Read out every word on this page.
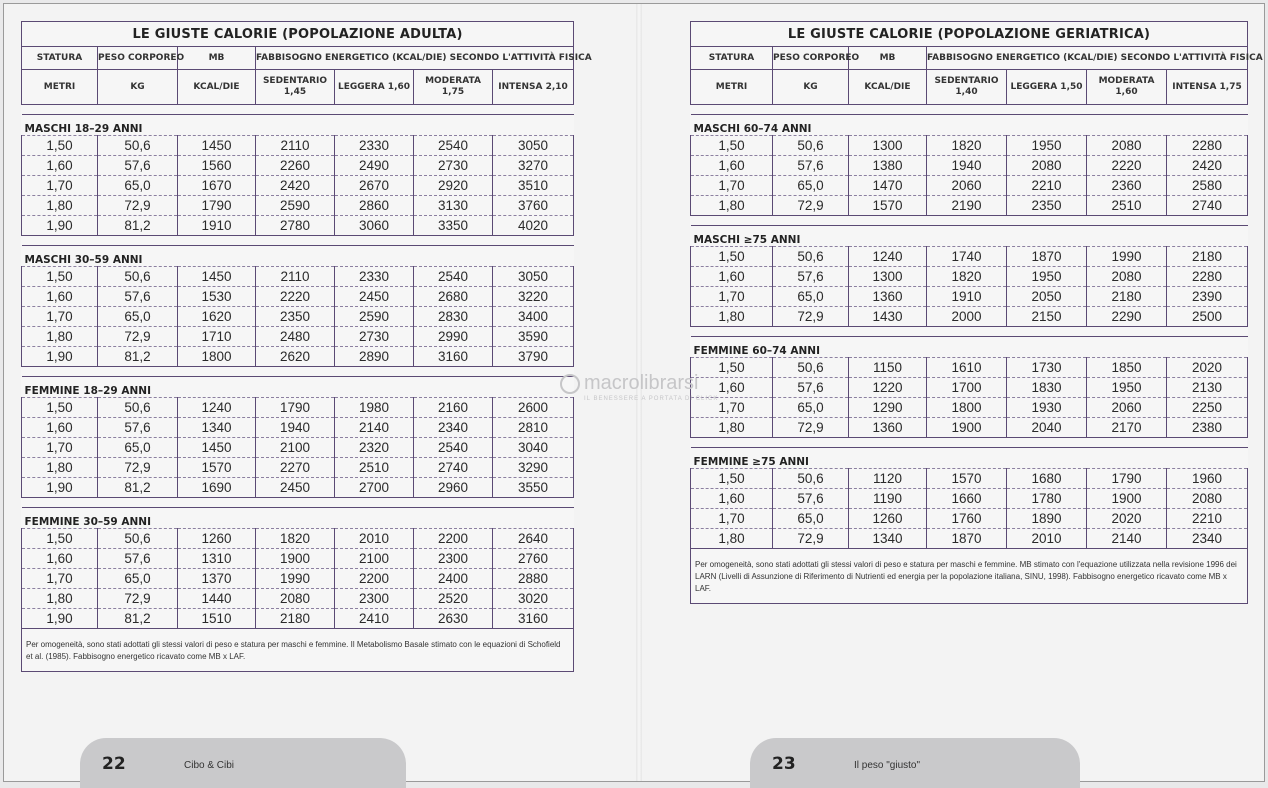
LE GIUSTE CALORIE (POPOLAZIONE ADULTA)						
STATURA	PESO CORPOREO	MB	FABBISOGNO ENERGETICO (KCAL/DIE) SECONDO L'ATTIVITÀ FISICA			
METRI	KG	KCAL/DIE	SEDENTARIO 1,45	LEGGERA 1,60	MODERATA 1,75	INTENSA 2,10

MASCHI 18–29 ANNI						
1,50	50,6	1450	2110	2330	2540	3050
1,60	57,6	1560	2260	2490	2730	3270
1,70	65,0	1670	2420	2670	2920	3510
1,80	72,9	1790	2590	2860	3130	3760
1,90	81,2	1910	2780	3060	3350	4020

MASCHI 30–59 ANNI						
1,50	50,6	1450	2110	2330	2540	3050
1,60	57,6	1530	2220	2450	2680	3220
1,70	65,0	1620	2350	2590	2830	3400
1,80	72,9	1710	2480	2730	2990	3590
1,90	81,2	1800	2620	2890	3160	3790

FEMMINE 18–29 ANNI						
1,50	50,6	1240	1790	1980	2160	2600
1,60	57,6	1340	1940	2140	2340	2810
1,70	65,0	1450	2100	2320	2540	3040
1,80	72,9	1570	2270	2510	2740	3290
1,90	81,2	1690	2450	2700	2960	3550

FEMMINE 30–59 ANNI						
1,50	50,6	1260	1820	2010	2200	2640
1,60	57,6	1310	1900	2100	2300	2760
1,70	65,0	1370	1990	2200	2400	2880
1,80	72,9	1440	2080	2300	2520	3020
1,90	81,2	1510	2180	2410	2630	3160
Per omogeneità, sono stati adottati gli stessi valori di peso e statura per maschi e femmine. Il Metabolismo Basale stimato con le equazioni di Schofield et al. (1985). Fabbisogno energetico ricavato come MB x LAF.						
LE GIUSTE CALORIE (POPOLAZIONE GERIATRICA)						
STATURA	PESO CORPOREO	MB	FABBISOGNO ENERGETICO (KCAL/DIE) SECONDO L'ATTIVITÀ FISICA			
METRI	KG	KCAL/DIE	SEDENTARIO 1,40	LEGGERA 1,50	MODERATA 1,60	INTENSA 1,75

MASCHI 60–74 ANNI						
1,50	50,6	1300	1820	1950	2080	2280
1,60	57,6	1380	1940	2080	2220	2420
1,70	65,0	1470	2060	2210	2360	2580
1,80	72,9	1570	2190	2350	2510	2740

MASCHI ≥75 ANNI						
1,50	50,6	1240	1740	1870	1990	2180
1,60	57,6	1300	1820	1950	2080	2280
1,70	65,0	1360	1910	2050	2180	2390
1,80	72,9	1430	2000	2150	2290	2500

FEMMINE 60–74 ANNI						
1,50	50,6	1150	1610	1730	1850	2020
1,60	57,6	1220	1700	1830	1950	2130
1,70	65,0	1290	1800	1930	2060	2250
1,80	72,9	1360	1900	2040	2170	2380

FEMMINE ≥75 ANNI						
1,50	50,6	1120	1570	1680	1790	1960
1,60	57,6	1190	1660	1780	1900	2080
1,70	65,0	1260	1760	1890	2020	2210
1,80	72,9	1340	1870	2010	2140	2340
Per omogeneità, sono stati adottati gli stessi valori di peso e statura per maschi e femmine. MB stimato con l'equazione utilizzata nella revisione 1996 dei LARN (Livelli di Assunzione di Riferimento di Nutrienti ed energia per la popolazione italiana, SINU, 1998). Fabbisogno energetico ricavato come MB x LAF.						
macrolibrarsi
IL BENESSERE A PORTATA DI CLICK
22	Cibo & Cibi	23	Il peso "giusto"
